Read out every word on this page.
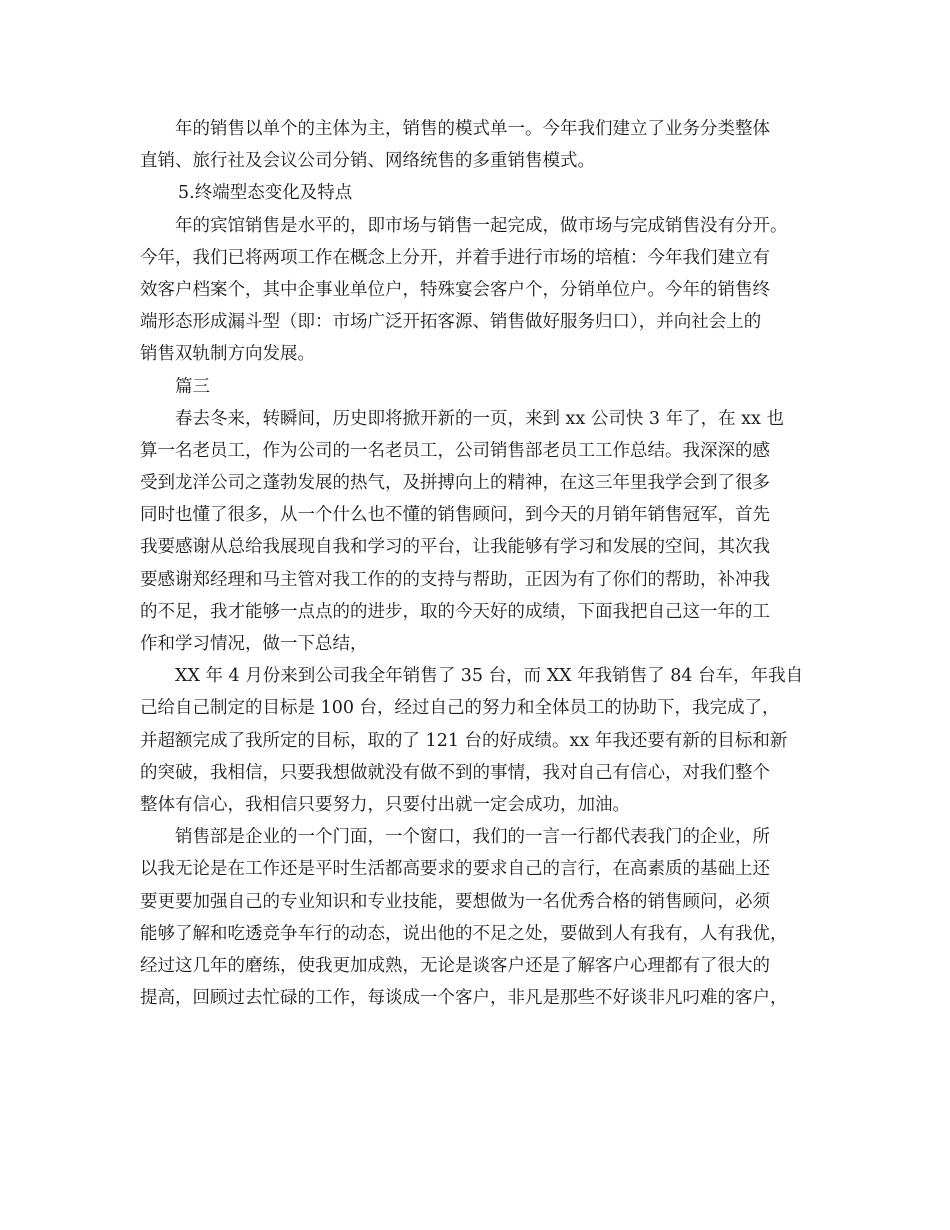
年的销售以单个的主体为主，销售的模式单一。今年我们建立了业务分类整体
直销、旅行社及会议公司分销、网络统售的多重销售模式。
5.终端型态变化及特点
年的宾馆销售是水平的，即市场与销售一起完成，做市场与完成销售没有分开。
今年，我们已将两项工作在概念上分开，并着手进行市场的培植：今年我们建立有
效客户档案个，其中企事业单位户，特殊宴会客户个，分销单位户。今年的销售终
端形态形成漏斗型（即：市场广泛开拓客源、销售做好服务归口），并向社会上的
销售双轨制方向发展。
篇三
春去冬来，转瞬间，历史即将掀开新的一页，来到 xx 公司快 3 年了，在 xx 也
算一名老员工，作为公司的一名老员工，公司销售部老员工工作总结。我深深的感
受到龙洋公司之蓬勃发展的热气，及拼搏向上的精神，在这三年里我学会到了很多
同时也懂了很多，从一个什么也不懂的销售顾问，到今天的月销年销售冠军，首先
我要感谢从总给我展现自我和学习的平台，让我能够有学习和发展的空间，其次我
要感谢郑经理和马主管对我工作的的支持与帮助，正因为有了你们的帮助，补冲我
的不足，我才能够一点点的的进步，取的今天好的成绩，下面我把自己这一年的工
作和学习情况，做一下总结，
XX 年 4 月份来到公司我全年销售了 35 台，而 XX 年我销售了 84 台车，年我自
己给自己制定的目标是 100 台，经过自己的努力和全体员工的协助下，我完成了，
并超额完成了我所定的目标，取的了 121 台的好成绩。xx 年我还要有新的目标和新
的突破，我相信，只要我想做就没有做不到的事情，我对自己有信心，对我们整个
整体有信心，我相信只要努力，只要付出就一定会成功，加油。
销售部是企业的一个门面，一个窗口，我们的一言一行都代表我门的企业，所
以我无论是在工作还是平时生活都高要求的要求自己的言行，在高素质的基础上还
要更要加强自己的专业知识和专业技能，要想做为一名优秀合格的销售顾问，必须
能够了解和吃透竞争车行的动态，说出他的不足之处，要做到人有我有，人有我优，
经过这几年的磨练，使我更加成熟，无论是谈客户还是了解客户心理都有了很大的
提高，回顾过去忙碌的工作，每谈成一个客户，非凡是那些不好谈非凡叼难的客户，
